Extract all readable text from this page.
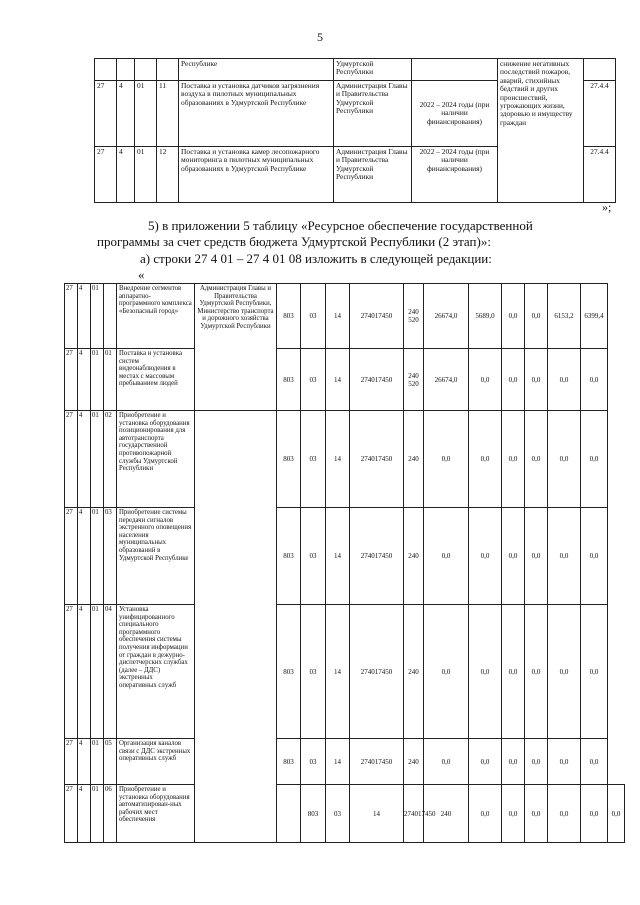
5
				Республике	Удмуртской Республики		снижение негативных последствий пожаров, аварий, стихийных бедствий и других происшествий, угрожающих жизни, здоровью и имуществу граждан	
27	4	01	11	Поставка и установка датчиков загрязнения воздуха в пилотных муниципальных образованиях в Удмуртской Республике	Администрация Главы и Правительства Удмуртской Республики	2022 – 2024 годы (при наличии финансирования)		27.4.4
27	4	01	12	Поставка и установка камер лесопожарного мониторинга в пилотных муниципальных образованиях в Удмуртской Республике	Администрация Главы и Правительства Удмуртской Республики	2022 – 2024 годы (при наличии финансирования)		27.4.4
»;
5) в приложении 5 таблицу «Ресурсное обеспечение государственной
программы за счет средств бюджета Удмуртской Республики (2 этап)»:
а) строки 27 4 01 – 27 4 01 08 изложить в следующей редакции:
«
27	4	01		Внедрение сегментов аппаратно-программного комплекса «Безопасный город»	Администрация Главы и Правительства Удмуртской Республики, Министерство транспорта и дорожного хозяйства Удмуртской Республики	803	03	14	274017450	240 520	26674,0	5689,0	0,0	0,0	6153,2	6399,4	
27	4	01	01	Поставка и установка систем видеонаблюдения в местах с массовым пребыванием людей		803	03	14	274017450	240 520	26674,0	0,0	0,0	0,0	0,0	0,0	
27	4	01	02	Приобретение и установка оборудования позиционирования для автотранспорта государственной противопожарной службы Удмуртской Республики		803	03	14	274017450	240	0,0	0,0	0,0	0,0	0,0	0,0	
27	4	01	03	Приобретение системы передачи сигналов экстренного оповещения населения муниципальных образований в Удмуртской Республике		803	03	14	274017450	240	0,0	0,0	0,0	0,0	0,0	0,0	
27	4	01	04	Установка унифицированного специального программного обеспечения системы получения информации от граждан в дежурно-диспетчерских службах (далее – ДДС) экстренных оперативных служб		803	03	14	274017450	240	0,0	0,0	0,0	0,0	0,0	0,0	
27	4	01	05	Организация каналов связи с ДДС экстренных оперативных служб		803	03	14	274017450	240	0,0	0,0	0,0	0,0	0,0	0,0	
27	4	01	06	Приобретение и установка оборудования автоматизирован-ных рабочих мест обеспечения			803	03	14	274017450	240	0,0	0,0	0,0	0,0	0,0	0,0
